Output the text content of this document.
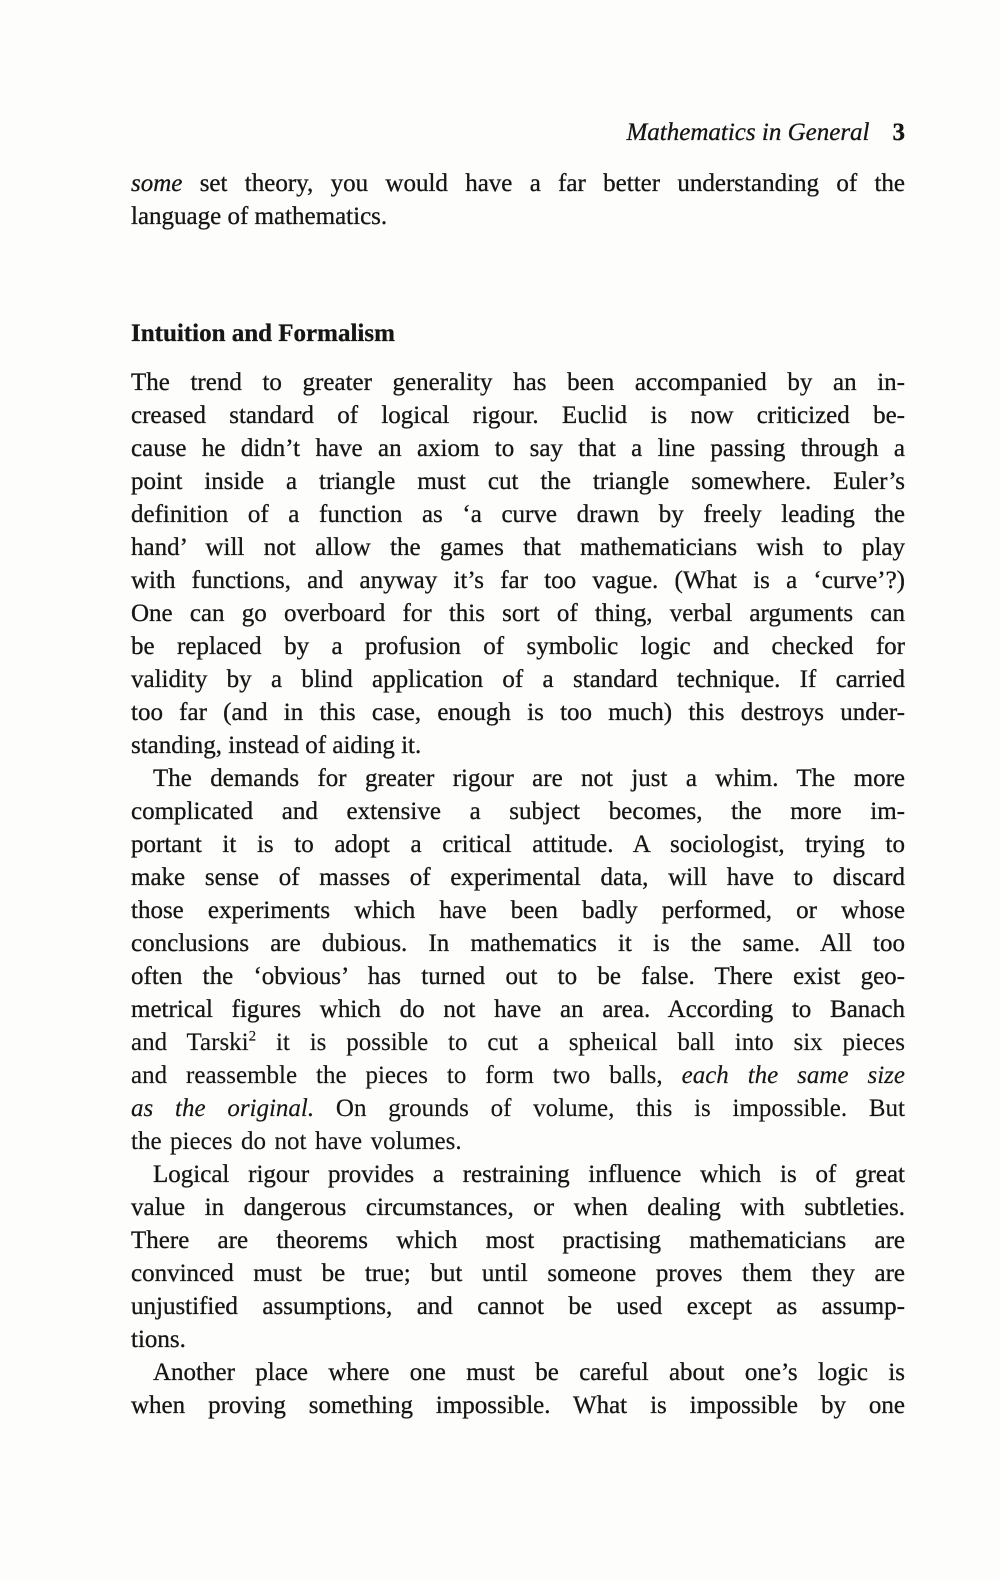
Mathematics in General 3
some set theory, you would have a far better understanding of the
language of mathematics.
Intuition and Formalism
The trend to greater generality has been accompanied by an in-
creased standard of logical rigour. Euclid is now criticized be-
cause he didn’t have an axiom to say that a line passing through a
point inside a triangle must cut the triangle somewhere. Euler’s
definition of a function as ‘a curve drawn by freely leading the
hand’ will not allow the games that mathematicians wish to play
with functions, and anyway it’s far too vague. (What is a ‘curve’?)
One can go overboard for this sort of thing, verbal arguments can
be replaced by a profusion of symbolic logic and checked for
validity by a blind application of a standard technique. If carried
too far (and in this case, enough is too much) this destroys under-
standing, instead of aiding it.
The demands for greater rigour are not just a whim. The more
complicated and extensive a subject becomes, the more im-
portant it is to adopt a critical attitude. A sociologist, trying to
make sense of masses of experimental data, will have to discard
those experiments which have been badly performed, or whose
conclusions are dubious. In mathematics it is the same. All too
often the ‘obvious’ has turned out to be false. There exist geo-
metrical figures which do not have an area. According to Banach
and Tarski$^2$ it is possible to cut a spheıical ball into six pieces
and reassemble the pieces to form two balls, each the same size
as the original. On grounds of volume, this is impossible. But
the pieces do not have volumes.
Logical rigour provides a restraining influence which is of great
value in dangerous circumstances, or when dealing with subtleties.
There are theorems which most practising mathematicians are
convinced must be true; but until someone proves them they are
unjustified assumptions, and cannot be used except as assump-
tions.
Another place where one must be careful about one’s logic is
when proving something impossible. What is impossible by one
